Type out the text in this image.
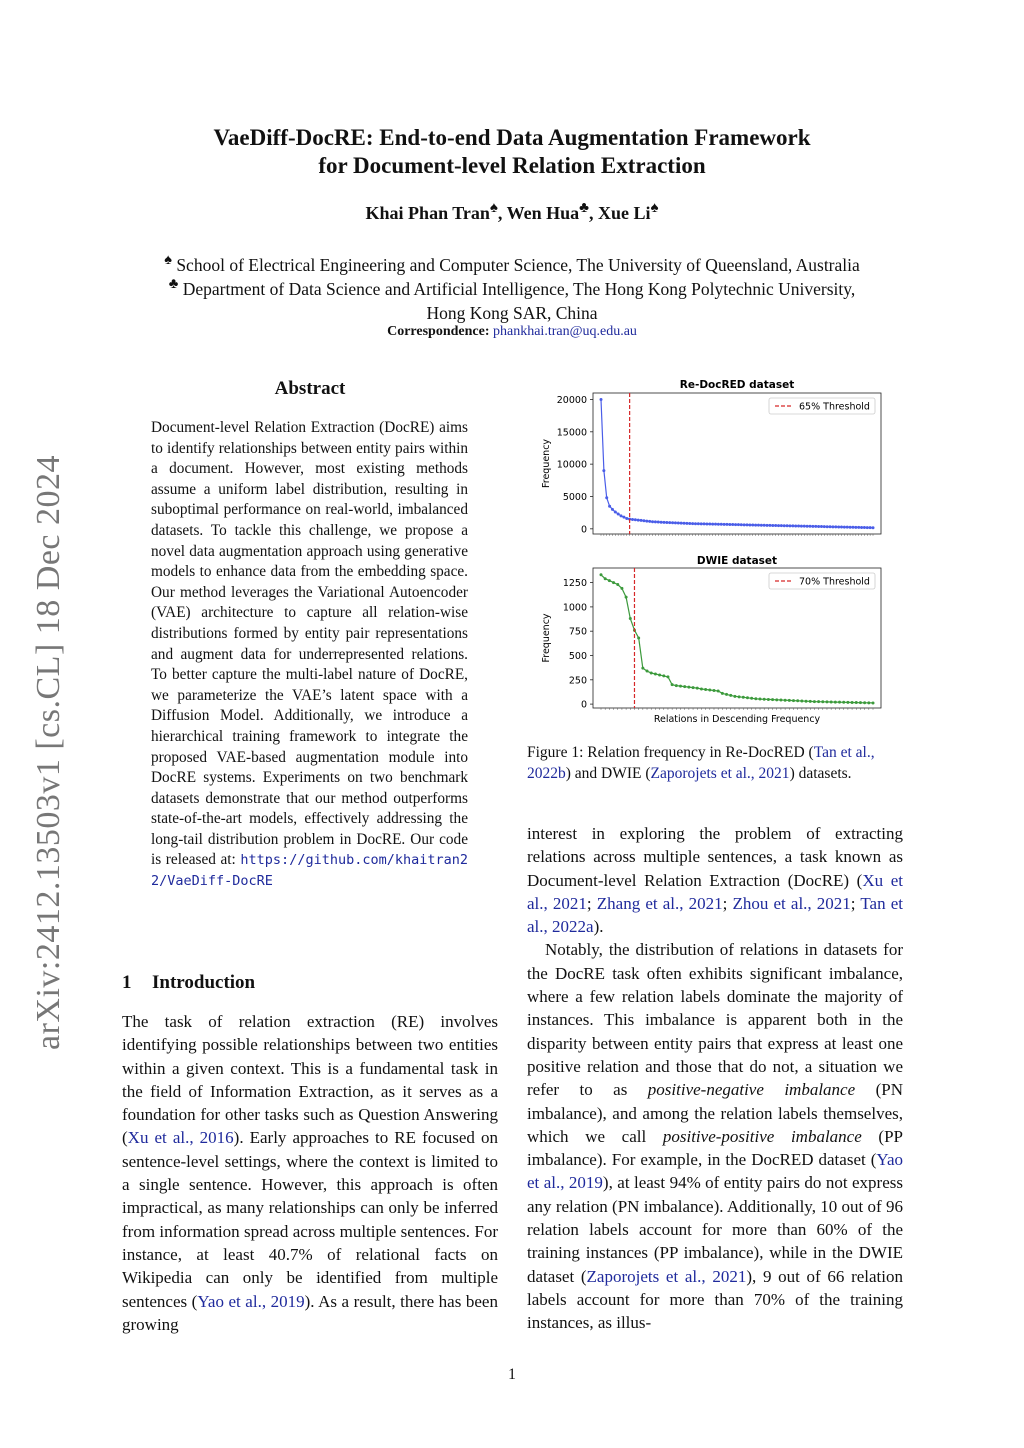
arXiv:2412.13503v1 [cs.CL] 18 Dec 2024
VaeDiff-DocRE: End-to-end Data Augmentation Framework
for Document-level Relation Extraction
Khai Phan Tran♠, Wen Hua♣, Xue Li♠
♠ School of Electrical Engineering and Computer Science, The University of Queensland, Australia
♣ Department of Data Science and Artificial Intelligence, The Hong Kong Polytechnic University,
Hong Kong SAR, China
Correspondence: phankhai.tran@uq.edu.au
Abstract
Document-level Relation Extraction (DocRE) aims to identify relationships between entity pairs within a document. However, most existing methods assume a uniform label distribution, resulting in suboptimal performance on real-world, imbalanced datasets. To tackle this challenge, we propose a novel data augmentation approach using generative models to enhance data from the embedding space. Our method leverages the Variational Autoencoder (VAE) architecture to capture all relation-wise distributions formed by entity pair representations and augment data for underrepresented relations. To better capture the multi-label nature of DocRE, we parameterize the VAE’s latent space with a Diffusion Model. Additionally, we introduce a hierarchical training framework to integrate the proposed VAE-based augmentation module into DocRE systems. Experiments on two benchmark datasets demonstrate that our method outperforms state-of-the-art models, effectively addressing the long-tail distribution problem in DocRE. Our code is released at: https://github.com/khaitran22/VaeDiff-DocRE
1 Introduction

The task of relation extraction (RE) involves identifying possible relationships between two entities within a given context. This is a fundamental task in the field of Information Extraction, as it serves as a foundation for other tasks such as Question Answering (Xu et al., 2016). Early approaches to RE focused on sentence-level settings, where the context is limited to a single sentence. However, this approach is often impractical, as many relationships can only be inferred from information spread across multiple sentences. For instance, at least 40.7% of relational facts on Wikipedia can only be identified from multiple sentences (Yao et al., 2019). As a result, there has been growing

Re-DocRED dataset
0
5000
10000
15000
20000
Frequency
65% Threshold
DWIE dataset
0
250
500
750
1000
1250
Frequency
Relations in Descending Frequency
70% Threshold
Figure 1: Relation frequency in Re-DocRED (Tan et al., 2022b) and DWIE (Zaporojets et al., 2021) datasets.

interest in exploring the problem of extracting relations across multiple sentences, a task known as Document-level Relation Extraction (DocRE) (Xu et al., 2021; Zhang et al., 2021; Zhou et al., 2021; Tan et al., 2022a).

Notably, the distribution of relations in datasets for the DocRE task often exhibits significant imbalance, where a few relation labels dominate the majority of instances. This imbalance is apparent both in the disparity between entity pairs that express at least one positive relation and those that do not, a situation we refer to as positive-negative imbalance (PN imbalance), and among the relation labels themselves, which we call positive-positive imbalance (PP imbalance). For example, in the DocRED dataset (Yao et al., 2019), at least 94% of entity pairs do not express any relation (PN imbalance). Additionally, 10 out of 96 relation labels account for more than 60% of the training instances (PP imbalance), while in the DWIE dataset (Zaporojets et al., 2021), 9 out of 66 relation labels account for more than 70% of the training instances, as illus-

1
